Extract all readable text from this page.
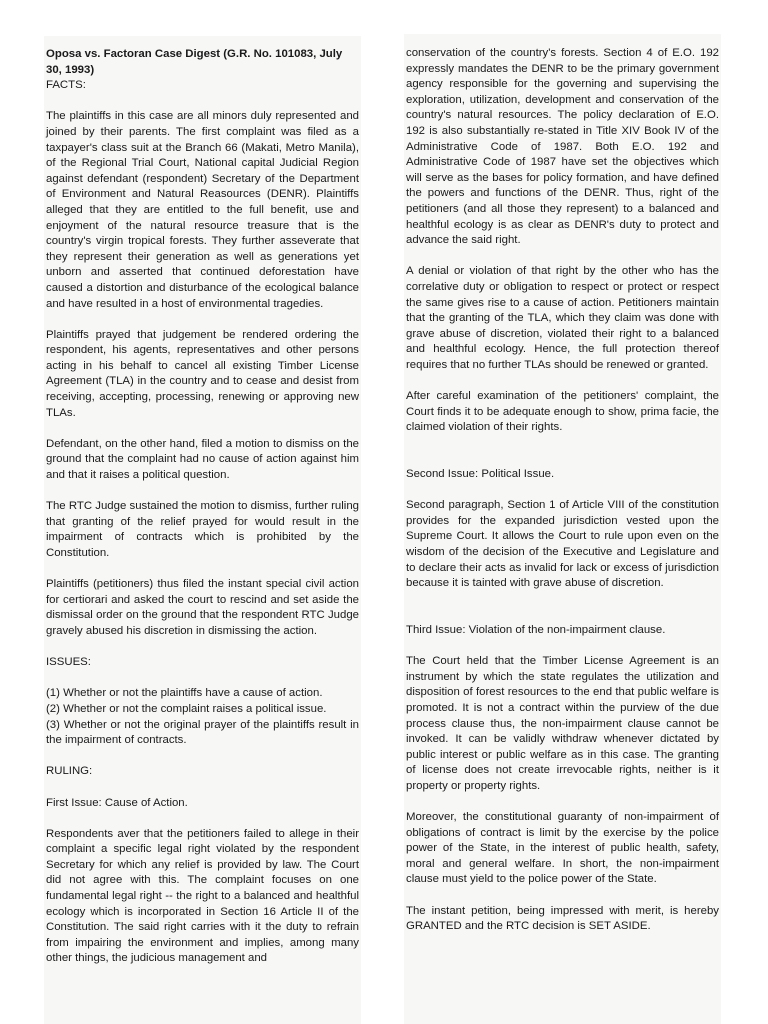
Oposa vs. Factoran Case Digest (G.R. No. 101083, July 30, 1993)

FACTS:

The plaintiffs in this case are all minors duly represented and joined by their parents. The first complaint was filed as a taxpayer's class suit at the Branch 66 (Makati, Metro Manila), of the Regional Trial Court, National capital Judicial Region against defendant (respondent) Secretary of the Department of Environment and Natural Reasources (DENR). Plaintiffs alleged that they are entitled to the full benefit, use and enjoyment of the natural resource treasure that is the country's virgin tropical forests. They further asseverate that they represent their generation as well as generations yet unborn and asserted that continued deforestation have caused a distortion and disturbance of the ecological balance and have resulted in a host of environmental tragedies.

Plaintiffs prayed that judgement be rendered ordering the respondent, his agents, representatives and other persons acting in his behalf to cancel all existing Timber License Agreement (TLA) in the country and to cease and desist from receiving, accepting, processing, renewing or approving new TLAs.

Defendant, on the other hand, filed a motion to dismiss on the ground that the complaint had no cause of action against him and that it raises a political question.

The RTC Judge sustained the motion to dismiss, further ruling that granting of the relief prayed for would result in the impairment of contracts which is prohibited by the Constitution.

Plaintiffs (petitioners) thus filed the instant special civil action for certiorari and asked the court to rescind and set aside the dismissal order on the ground that the respondent RTC Judge gravely abused his discretion in dismissing the action.

ISSUES:

(1) Whether or not the plaintiffs have a cause of action.

(2) Whether or not the complaint raises a political issue.

(3) Whether or not the original prayer of the plaintiffs result in the impairment of contracts.

RULING:

First Issue: Cause of Action.

Respondents aver that the petitioners failed to allege in their complaint a specific legal right violated by the respondent Secretary for which any relief is provided by law. The Court did not agree with this. The complaint focuses on one fundamental legal right -- the right to a balanced and healthful ecology which is incorporated in Section 16 Article II of the Constitution. The said right carries with it the duty to refrain from impairing the environment and implies, among many other things, the judicious management and

conservation of the country's forests. Section 4 of E.O. 192 expressly mandates the DENR to be the primary government agency responsible for the governing and supervising the exploration, utilization, development and conservation of the country's natural resources. The policy declaration of E.O. 192 is also substantially re-stated in Title XIV Book IV of the Administrative Code of 1987. Both E.O. 192 and Administrative Code of 1987 have set the objectives which will serve as the bases for policy formation, and have defined the powers and functions of the DENR. Thus, right of the petitioners (and all those they represent) to a balanced and healthful ecology is as clear as DENR's duty to protect and advance the said right.

A denial or violation of that right by the other who has the correlative duty or obligation to respect or protect or respect the same gives rise to a cause of action. Petitioners maintain that the granting of the TLA, which they claim was done with grave abuse of discretion, violated their right to a balanced and healthful ecology. Hence, the full protection thereof requires that no further TLAs should be renewed or granted.

After careful examination of the petitioners' complaint, the Court finds it to be adequate enough to show, prima facie, the claimed violation of their rights.

Second Issue: Political Issue.

Second paragraph, Section 1 of Article VIII of the constitution provides for the expanded jurisdiction vested upon the Supreme Court. It allows the Court to rule upon even on the wisdom of the decision of the Executive and Legislature and to declare their acts as invalid for lack or excess of jurisdiction because it is tainted with grave abuse of discretion.

Third Issue: Violation of the non-impairment clause.

The Court held that the Timber License Agreement is an instrument by which the state regulates the utilization and disposition of forest resources to the end that public welfare is promoted. It is not a contract within the purview of the due process clause thus, the non-impairment clause cannot be invoked. It can be validly withdraw whenever dictated by public interest or public welfare as in this case. The granting of license does not create irrevocable rights, neither is it property or property rights.

Moreover, the constitutional guaranty of non-impairment of obligations of contract is limit by the exercise by the police power of the State, in the interest of public health, safety, moral and general welfare. In short, the non-impairment clause must yield to the police power of the State.

The instant petition, being impressed with merit, is hereby GRANTED and the RTC decision is SET ASIDE.
